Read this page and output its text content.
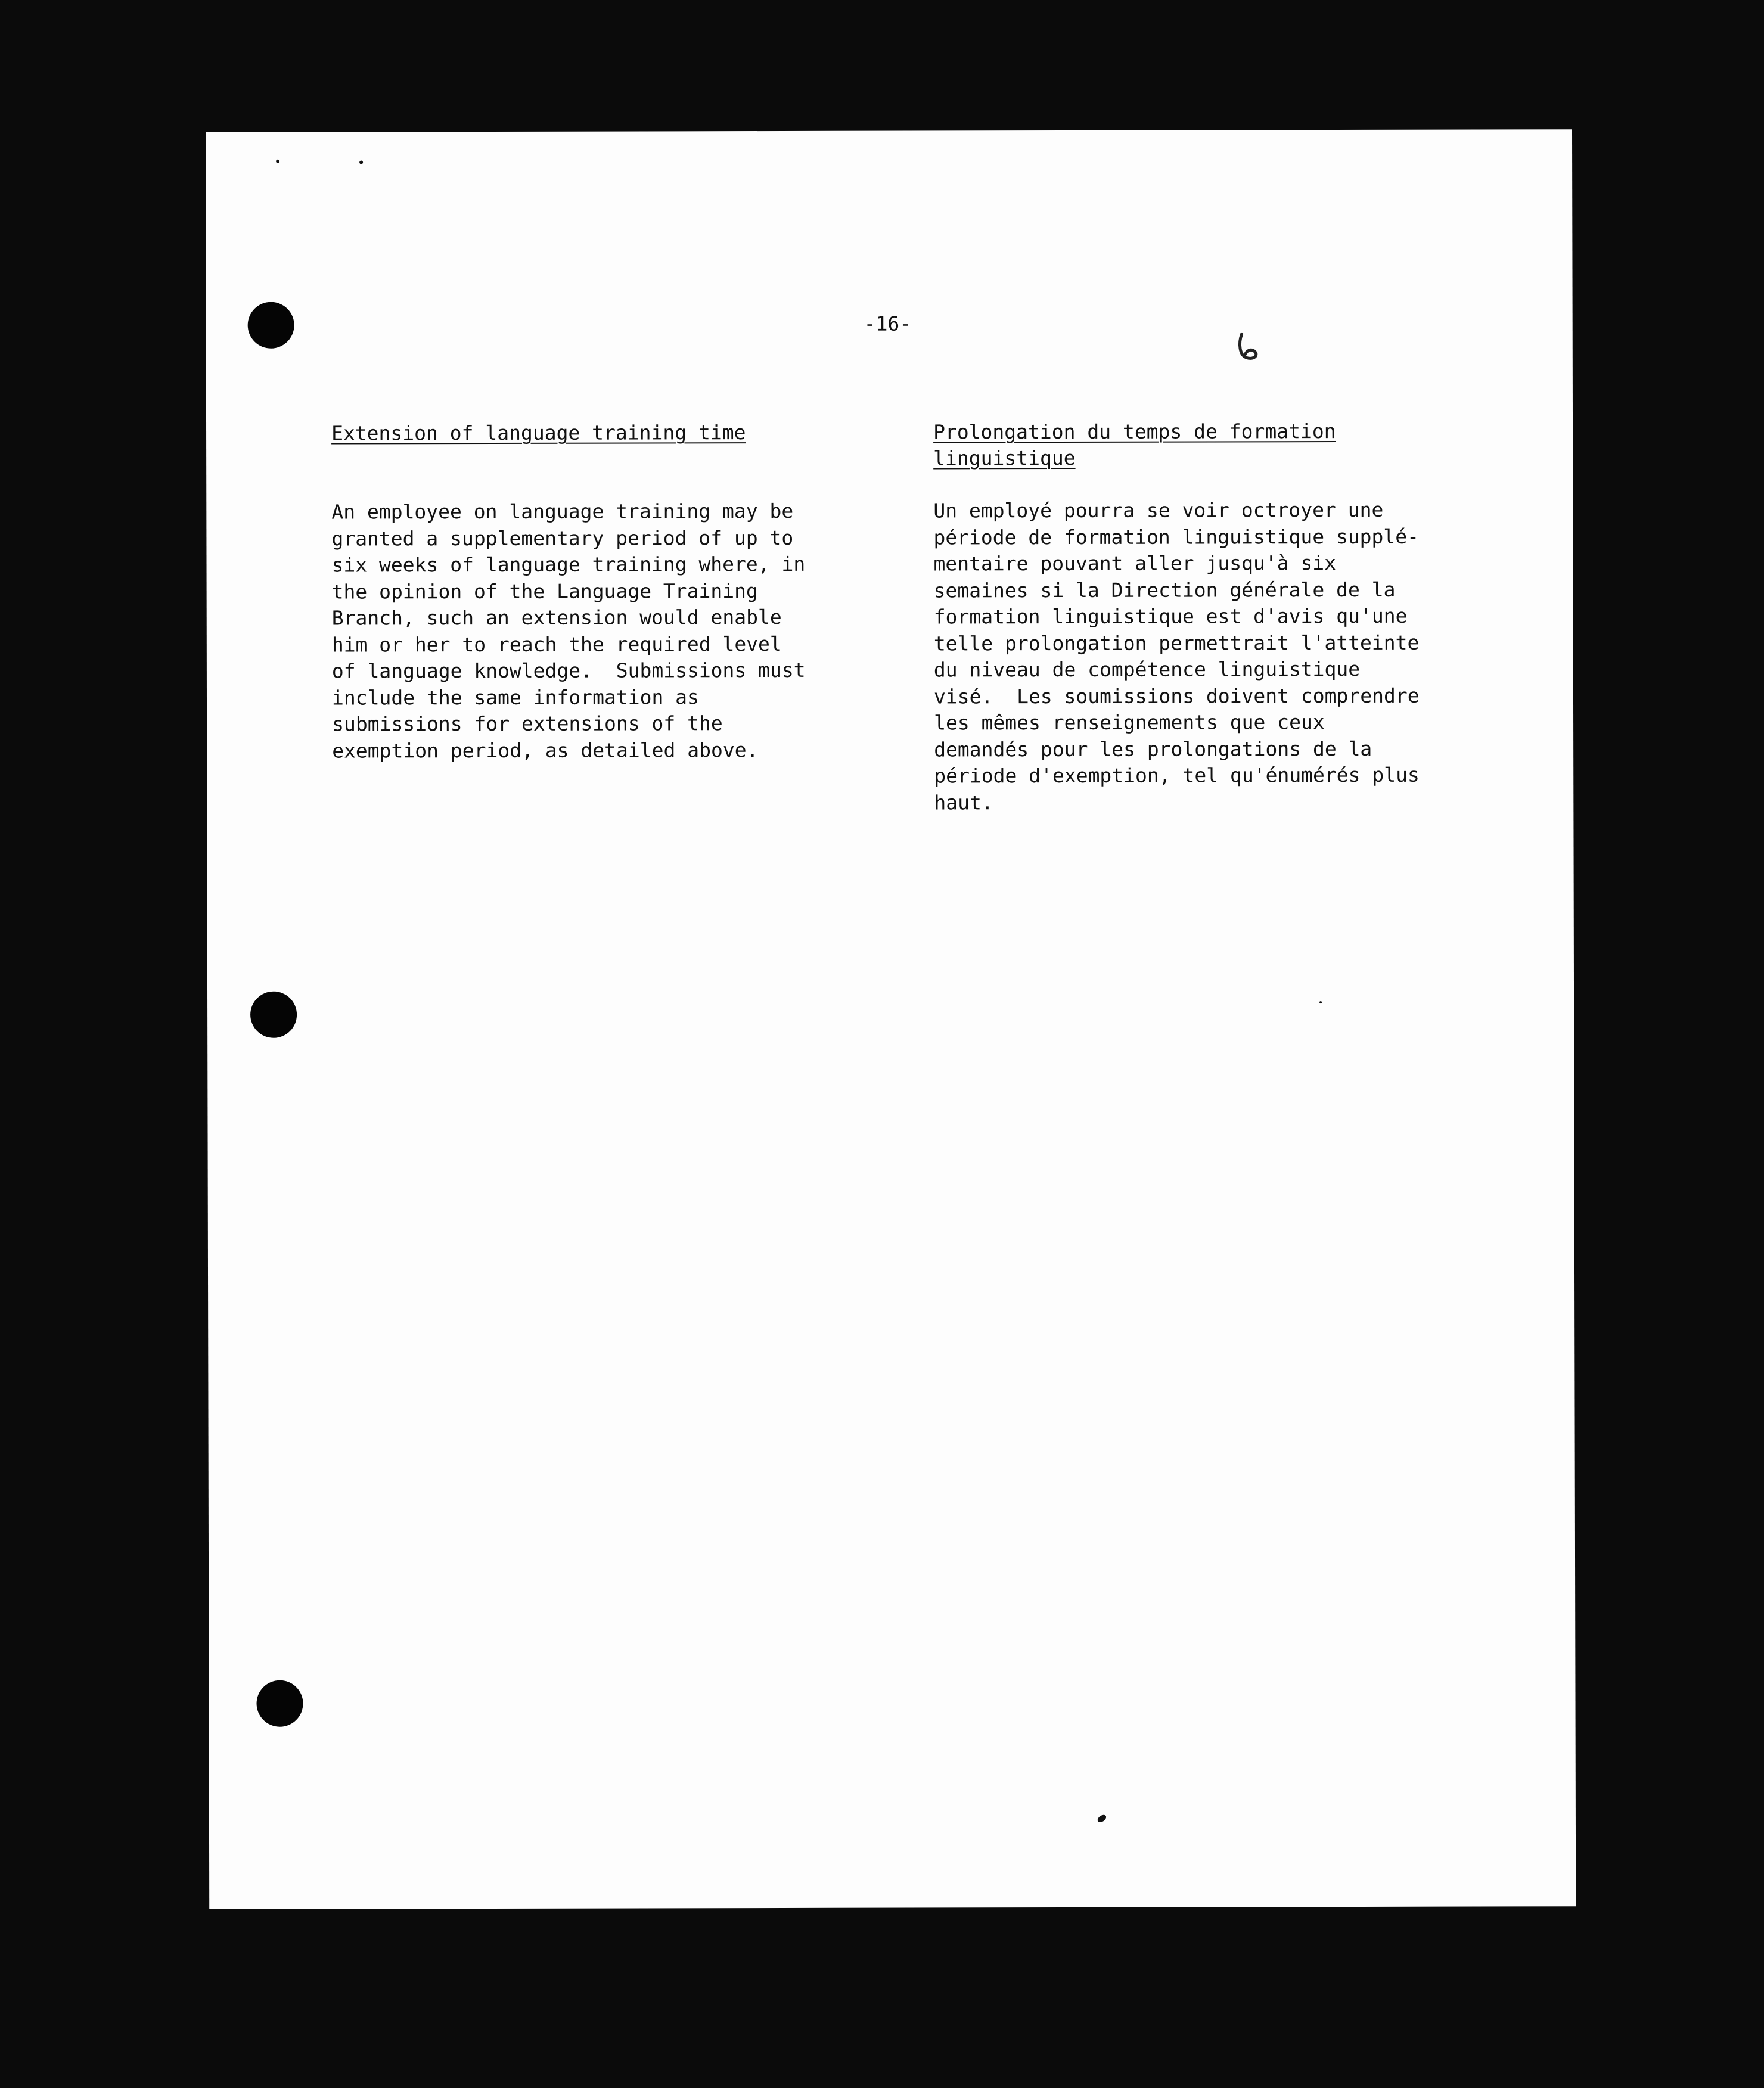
-16-
Extension of language training time

An employee on language training may be
granted a supplementary period of up to
six weeks of language training where, in
the opinion of the Language Training
Branch, such an extension would enable
him or her to reach the required level
of language knowledge.  Submissions must
include the same information as
submissions for extensions of the
exemption period, as detailed above.

Prolongation du temps de formation
linguistique

Un employé pourra se voir octroyer une
période de formation linguistique supplé-
mentaire pouvant aller jusqu'à six
semaines si la Direction générale de la
formation linguistique est d'avis qu'une
telle prolongation permettrait l'atteinte
du niveau de compétence linguistique
visé.  Les soumissions doivent comprendre
les mêmes renseignements que ceux
demandés pour les prolongations de la
période d'exemption, tel qu'énumérés plus
haut.
